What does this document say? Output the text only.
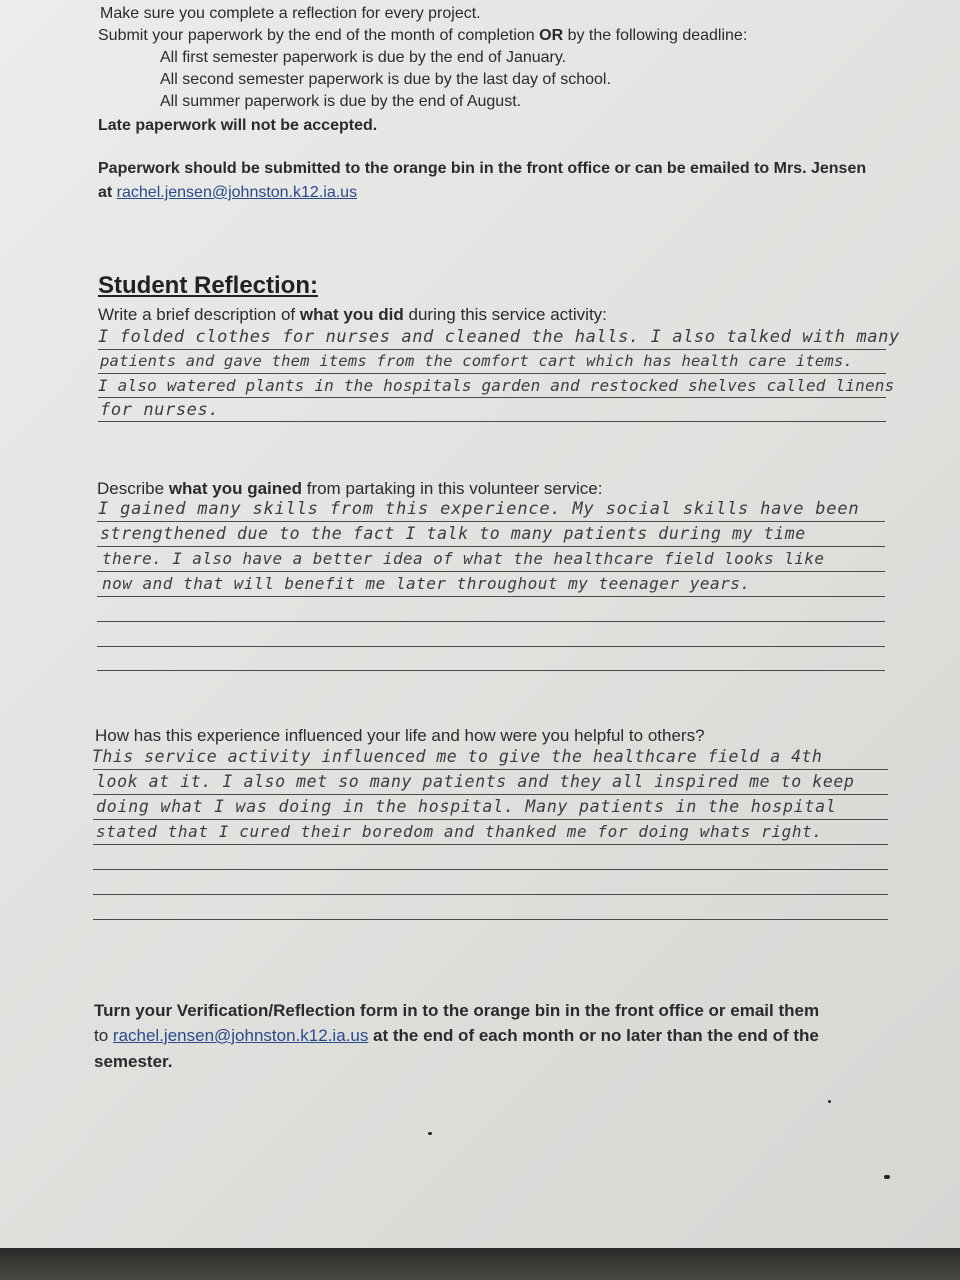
Make sure you complete a reflection for every project.
Submit your paperwork by the end of the month of completion OR by the following deadline:
All first semester paperwork is due by the end of January.
All second semester paperwork is due by the last day of school.
All summer paperwork is due by the end of August.
Late paperwork will not be accepted.
Paperwork should be submitted to the orange bin in the front office or can be emailed to Mrs. Jensen
at rachel.jensen@johnston.k12.ia.us
Student Reflection:
Write a brief description of what you did during this service activity:
I folded clothes for nurses and cleaned the halls. I also talked with many
patients and gave them items from the comfort cart which has health care items.
I also watered plants in the hospitals garden and restocked shelves called linens
for nurses.
Describe what you gained from partaking in this volunteer service:
I gained many skills from this experience. My social skills have been
strengthened due to the fact I talk to many patients during my time
there. I also have a better idea of what the healthcare field looks like
now and that will benefit me later throughout my teenager years.
How has this experience influenced your life and how were you helpful to others?
This service activity influenced me to give the healthcare field a 4th
look at it. I also met so many patients and they all inspired me to keep
doing what I was doing in the hospital. Many patients in the hospital
stated that I cured their boredom and thanked me for doing whats right.
Turn your Verification/Reflection form in to the orange bin in the front office or email them
to rachel.jensen@johnston.k12.ia.us at the end of each month or no later than the end of the
semester.
